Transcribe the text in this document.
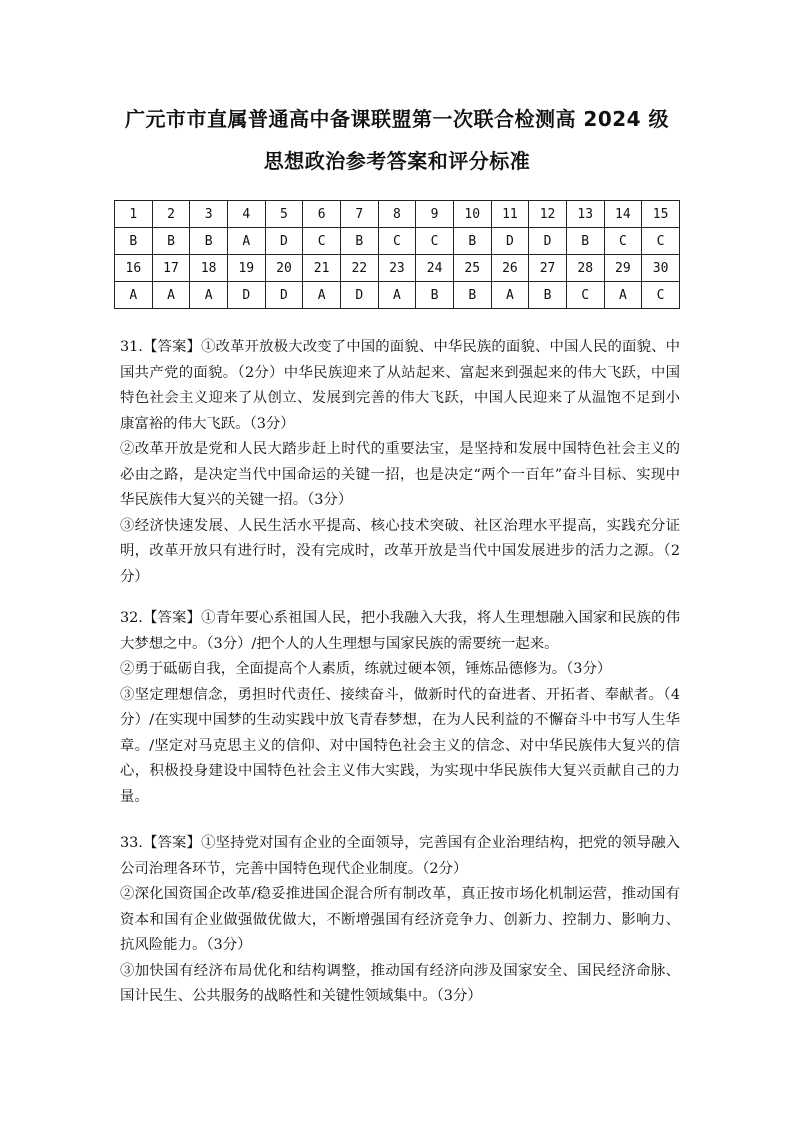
广元市市直属普通高中备课联盟第一次联合检测高 2024 级
思想政治参考答案和评分标准
1	2	3	4	5	6	7	8	9	10	11	12	13	14	15
B	B	B	A	D	C	B	C	C	B	D	D	B	C	C
16	17	18	19	20	21	22	23	24	25	26	27	28	29	30
A	A	A	D	D	A	D	A	B	B	A	B	C	A	C

31.【答案】①改革开放极大改变了中国的面貌、中华民族的面貌、中国人民的面貌、中国共产党的面貌。（2分）中华民族迎来了从站起来、富起来到强起来的伟大飞跃，中国特色社会主义迎来了从创立、发展到完善的伟大飞跃，中国人民迎来了从温饱不足到小康富裕的伟大飞跃。（3分）

②改革开放是党和人民大踏步赶上时代的重要法宝，是坚持和发展中国特色社会主义的必由之路，是决定当代中国命运的关键一招，也是决定“两个一百年”奋斗目标、实现中华民族伟大复兴的关键一招。（3分）

③经济快速发展、人民生活水平提高、核心技术突破、社区治理水平提高，实践充分证明，改革开放只有进行时，没有完成时，改革开放是当代中国发展进步的活力之源。（2分）

32.【答案】①青年要心系祖国人民，把小我融入大我，将人生理想融入国家和民族的伟大梦想之中。（3分）/把个人的人生理想与国家民族的需要统一起来。

②勇于砥砺自我，全面提高个人素质，练就过硬本领，锤炼品德修为。（3分）

③坚定理想信念，勇担时代责任、接续奋斗，做新时代的奋进者、开拓者、奉献者。（4分）/在实现中国梦的生动实践中放飞青春梦想，在为人民利益的不懈奋斗中书写人生华章。/坚定对马克思主义的信仰、对中国特色社会主义的信念、对中华民族伟大复兴的信心，积极投身建设中国特色社会主义伟大实践，为实现中华民族伟大复兴贡献自己的力量。

33.【答案】①坚持党对国有企业的全面领导，完善国有企业治理结构，把党的领导融入公司治理各环节，完善中国特色现代企业制度。（2分）

②深化国资国企改革/稳妥推进国企混合所有制改革，真正按市场化机制运营，推动国有资本和国有企业做强做优做大，不断增强国有经济竞争力、创新力、控制力、影响力、抗风险能力。（3分）

③加快国有经济布局优化和结构调整，推动国有经济向涉及国家安全、国民经济命脉、国计民生、公共服务的战略性和关键性领域集中。（3分）
